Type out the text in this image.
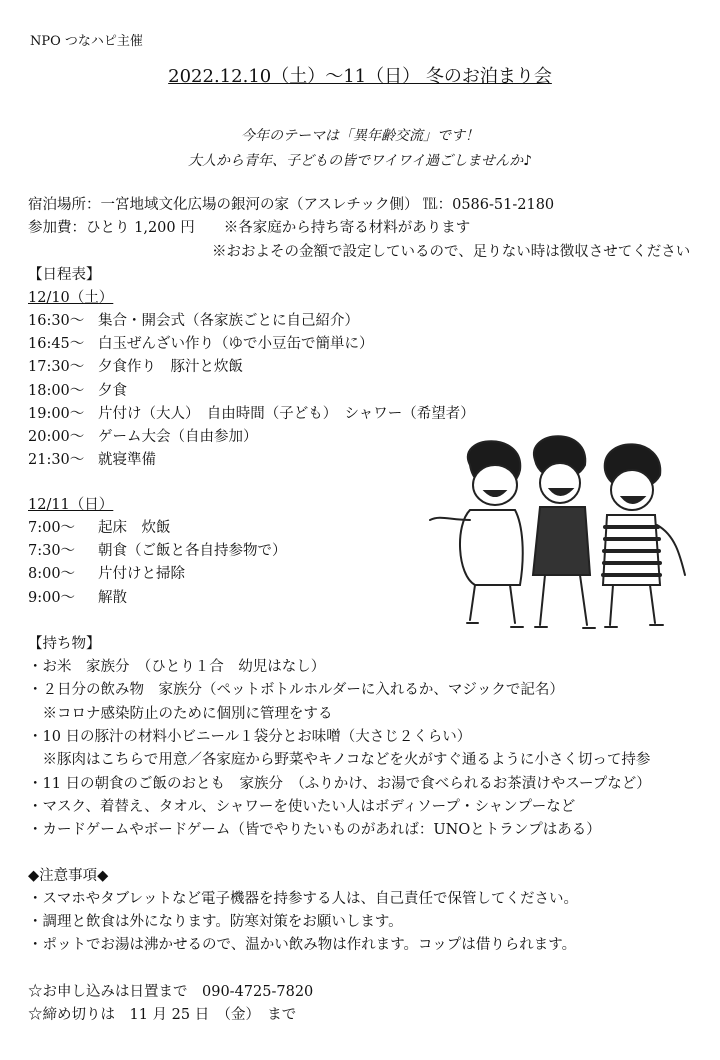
NPO つなハピ主催
2022.12.10（土）～11（日） 冬のお泊まり会
今年のテーマは「異年齢交流」です！
大人から青年、子どもの皆でワイワイ過ごしませんか♪
宿泊場所：一宮地域文化広場の銀河の家（アスレチック側） ℡：0586-51-2180
参加費：ひとり 1,200 円　　※各家庭から持ち寄る材料があります
※おおよその金額で設定しているので、足りない時は徴収させてください
【日程表】
12/10（土）
16:30～ 集合・開会式（各家族ごとに自己紹介）
16:45～ 白玉ぜんざい作り（ゆで小豆缶で簡単に）
17:30～ 夕食作り　豚汁と炊飯
18:00～ 夕食
19:00～ 片付け（大人）　自由時間（子ども）　シャワー（希望者）
20:00～ ゲーム大会（自由参加）
21:30～ 就寝準備
12/11（日）
7:00～ 起床　炊飯
7:30～ 朝食（ご飯と各自持参物で）
8:00～ 片付けと掃除
9:00～ 解散
【持ち物】
・お米　家族分　（ひとり１合　幼児はなし）
・２日分の飲み物　家族分（ペットボトルホルダーに入れるか、マジックで記名）
　※コロナ感染防止のために個別に管理をする
・10 日の豚汁の材料小ビニール１袋分とお味噌（大さじ２くらい）
　※豚肉はこちらで用意／各家庭から野菜やキノコなどを火がすぐ通るように小さく切って持参
・11 日の朝食のご飯のおとも　家族分　（ふりかけ、お湯で食べられるお茶漬けやスープなど）
・マスク、着替え、タオル、シャワーを使いたい人はボディソープ・シャンプーなど
・カードゲームやボードゲーム（皆でやりたいものがあれば：UNOとトランプはある）
◆注意事項◆
・スマホやタブレットなど電子機器を持参する人は、自己責任で保管してください。
・調理と飲食は外になります。防寒対策をお願いします。
・ポットでお湯は沸かせるので、温かい飲み物は作れます。コップは借りられます。
☆お申し込みは日置まで　090-4725-7820
☆締め切りは　11 月 25 日　（金）　まで
